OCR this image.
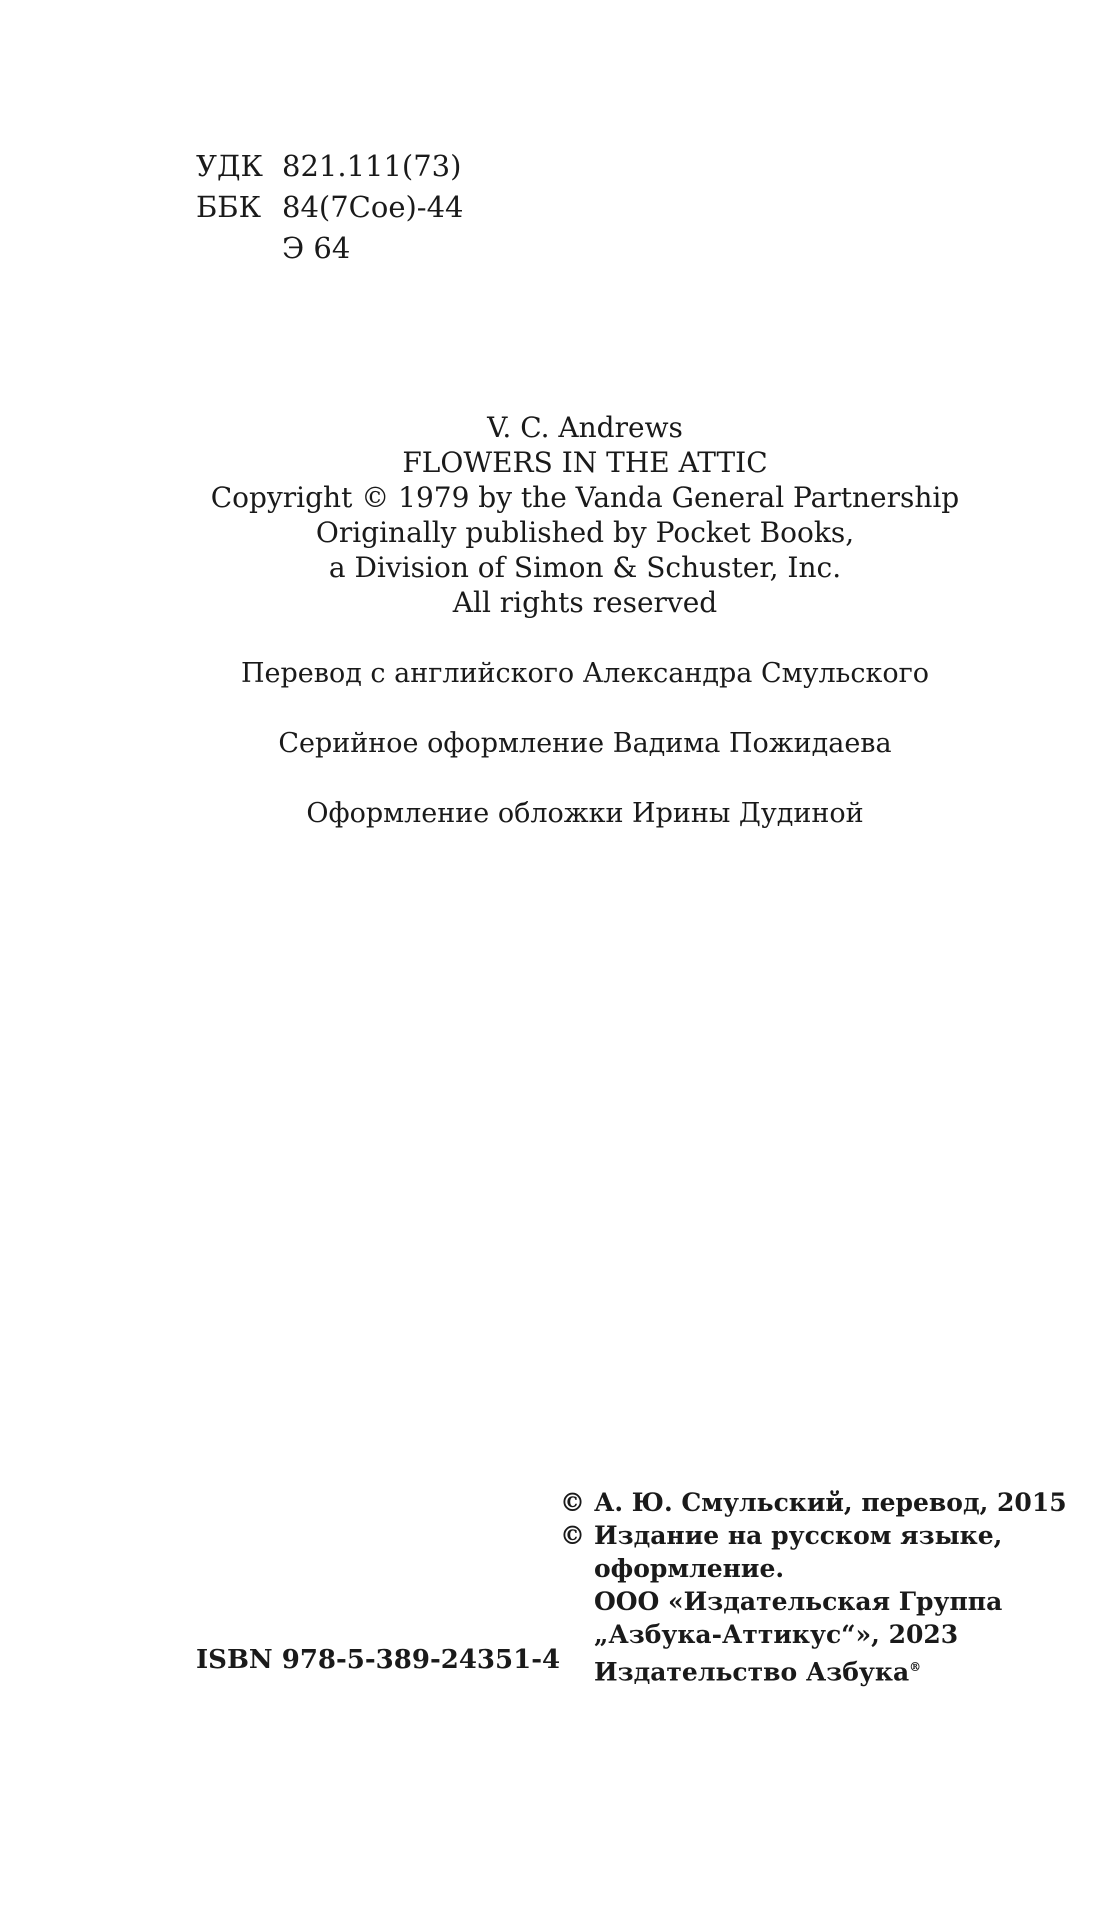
УДК 821.111(73)
ББК 84(7Сое)-44
Э 64
V. C. Andrews
FLOWERS IN THE ATTIC
Copyright © 1979 by the Vanda General Partnership
Originally published by Pocket Books,
a Division of Simon & Schuster, Inc.
All rights reserved
Перевод с английского Александра Смульского
Серийное оформление Вадима Пожидаева
Оформление обложки Ирины Дудиной
ISBN 978-5-389-24351-4
© А. Ю. Смульский, перевод, 2015
© Издание на русском языке,
оформление.
ООО «Издательская Группа
„Азбука-Аттикус“», 2023
Издательство Азбука®
